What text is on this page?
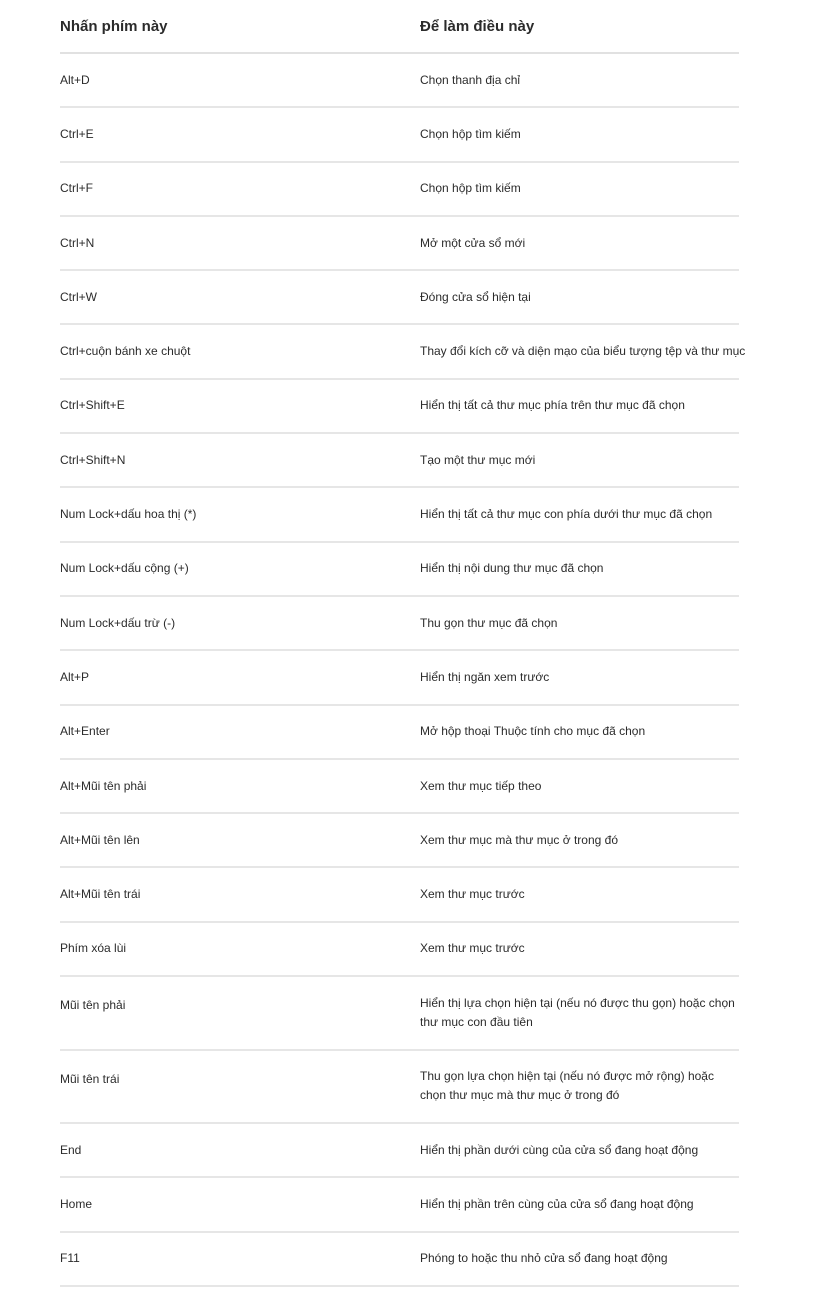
Nhấn phím này	Để làm điều này
Alt+D	Chọn thanh địa chỉ
Ctrl+E	Chọn hộp tìm kiếm
Ctrl+F	Chọn hộp tìm kiếm
Ctrl+N	Mở một cửa sổ mới
Ctrl+W	Đóng cửa sổ hiện tại
Ctrl+cuộn bánh xe chuột	Thay đổi kích cỡ và diện mạo của biểu tượng tệp và thư mục
Ctrl+Shift+E	Hiển thị tất cả thư mục phía trên thư mục đã chọn
Ctrl+Shift+N	Tạo một thư mục mới
Num Lock+dấu hoa thị (*)	Hiển thị tất cả thư mục con phía dưới thư mục đã chọn
Num Lock+dấu cộng (+)	Hiển thị nội dung thư mục đã chọn
Num Lock+dấu trừ (-)	Thu gọn thư mục đã chọn
Alt+P	Hiển thị ngăn xem trước
Alt+Enter	Mở hộp thoại Thuộc tính cho mục đã chọn
Alt+Mũi tên phải	Xem thư mục tiếp theo
Alt+Mũi tên lên	Xem thư mục mà thư mục ở trong đó
Alt+Mũi tên trái	Xem thư mục trước
Phím xóa lùi	Xem thư mục trước
Mũi tên phải	Hiển thị lựa chọn hiện tại (nếu nó được thu gọn) hoặc chọn thư mục con đầu tiên
Mũi tên trái	Thu gọn lựa chọn hiện tại (nếu nó được mở rộng) hoặc chọn thư mục mà thư mục ở trong đó
End	Hiển thị phần dưới cùng của cửa sổ đang hoạt động
Home	Hiển thị phần trên cùng của cửa sổ đang hoạt động
F11	Phóng to hoặc thu nhỏ cửa sổ đang hoạt động
